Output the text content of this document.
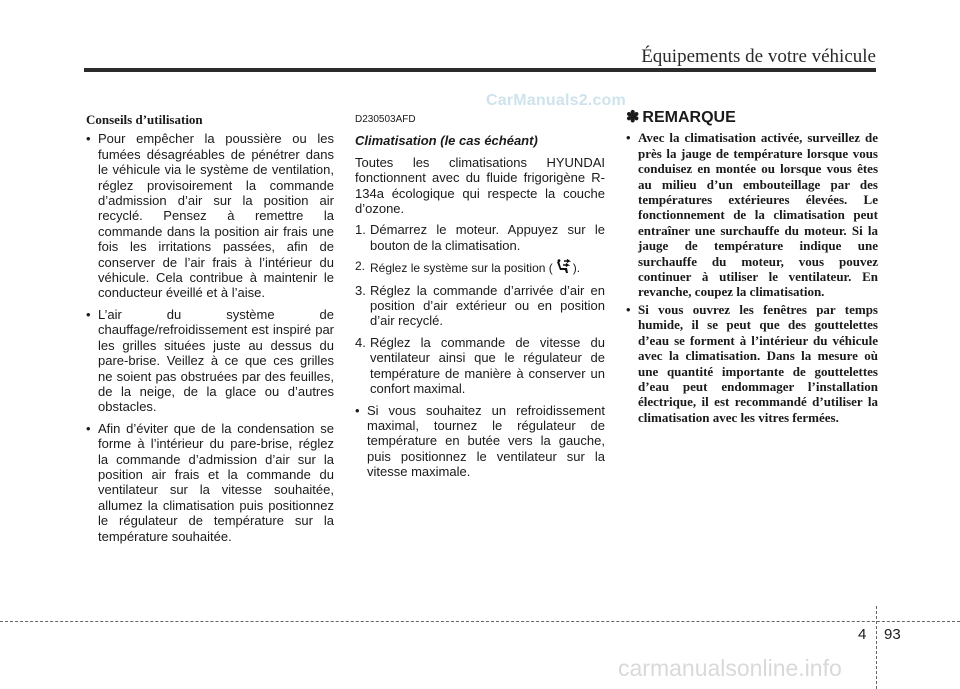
Équipements de votre véhicule
CarManuals2.com
Conseils d’utilisation
• Pour empêcher la poussière ou les fumées désagréables de pénétrer dans le véhicule via le système de ventilation, réglez provisoirement la commande d’admission d’air sur la position air recyclé. Pensez à remettre la commande dans la position air frais une fois les irritations passées, afin de conserver de l’air frais à l’intérieur du véhicule. Cela contribue à maintenir le conducteur éveillé et à l’aise.
• L’air du système de chauffage/refroidissement est inspiré par les grilles situées juste au dessus du pare-brise. Veillez à ce que ces grilles ne soient pas obstruées par des feuilles, de la neige, de la glace ou d’autres obstacles.
• Afin d’éviter que de la condensation se forme à l’intérieur du pare-brise, réglez la commande d’admission d’air sur la position air frais et la commande du ventilateur sur la vitesse souhaitée, allumez la climatisation puis positionnez le régulateur de température sur la température souhaitée.
D230503AFD
Climatisation (le cas échéant)
Toutes les climatisations HYUNDAI fonctionnent avec du fluide frigorigène R-134a écologique qui respecte la couche d’ozone.
1. Démarrez le moteur. Appuyez sur le bouton de la climatisation.
2. Réglez le système sur la position ( ).
3. Réglez la commande d’arrivée d’air en position d’air extérieur ou en position d’air recyclé.
4. Réglez la commande de vitesse du ventilateur ainsi que le régulateur de température de manière à conserver un confort maximal.
• Si vous souhaitez un refroidissement maximal, tournez le régulateur de température en butée vers la gauche, puis positionnez le ventilateur sur la vitesse maximale.
✽ REMARQUE
• Avec la climatisation activée, surveillez de près la jauge de température lorsque vous conduisez en montée ou lorsque vous êtes au milieu d’un embouteillage par des températures extérieures élevées. Le fonctionnement de la climatisation peut entraîner une surchauffe du moteur. Si la jauge de température indique une surchauffe du moteur, vous pouvez continuer à utiliser le ventilateur. En revanche, coupez la climatisation.
• Si vous ouvrez les fenêtres par temps humide, il se peut que des gouttelettes d’eau se forment à l’intérieur du véhicule avec la climatisation. Dans la mesure où une quantité importante de gouttelettes d’eau peut endommager l’installation électrique, il est recommandé d’utiliser la climatisation avec les vitres fermées.
4 93
carmanualsonline.info
